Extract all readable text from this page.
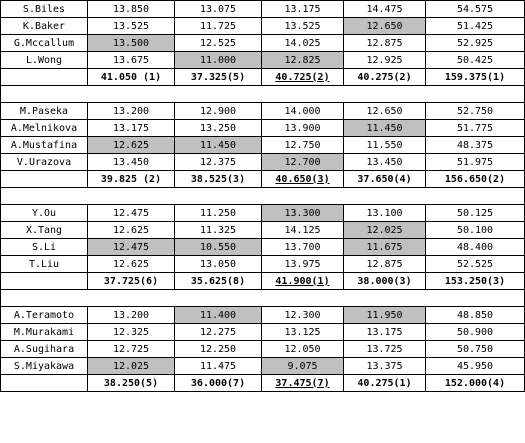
S.Biles	13.850	13.075	13.175	14.475	54.575
K.Baker	13.525	11.725	13.525	12.650	51.425
G.Mccallum	13.500	12.525	14.025	12.875	52.925
L.Wong	13.675	11.000	12.825	12.925	50.425
	41.050 (1)	37.325(5)	40.725(2)	40.275(2)	159.375(1)

M.Paseka	13.200	12.900	14.000	12.650	52.750
A.Melnikova	13.175	13.250	13.900	11.450	51.775
A.Mustafina	12.625	11.450	12.750	11.550	48.375
V.Urazova	13.450	12.375	12.700	13.450	51.975
	39.825 (2)	38.525(3)	40.650(3)	37.650(4)	156.650(2)

Y.Ou	12.475	11.250	13.300	13.100	50.125
X.Tang	12.625	11.325	14.125	12.025	50.100
S.Li	12.475	10.550	13.700	11.675	48.400
T.Liu	12.625	13.050	13.975	12.875	52.525
	37.725(6)	35.625(8)	41.900(1)	38.000(3)	153.250(3)

A.Teramoto	13.200	11.400	12.300	11.950	48.850
M.Murakami	12.325	12.275	13.125	13.175	50.900
A.Sugihara	12.725	12.250	12.050	13.725	50.750
S.Miyakawa	12.025	11.475	9.075	13.375	45.950
	38.250(5)	36.000(7)	37.475(7)	40.275(1)	152.000(4)
